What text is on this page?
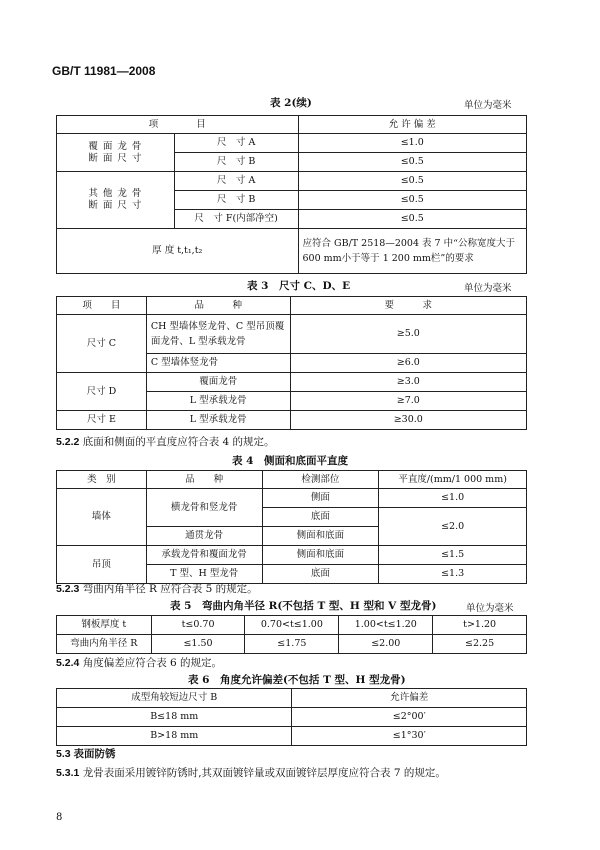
GB/T 11981—2008
表 2(续)	单位为毫米
项　　　　目		允 许 偏 差
覆 面 龙 骨
断 面 尺 寸	尺　寸 A	≤1.0
	尺　寸 B	≤0.5
其 他 龙 骨
断 面 尺 寸	尺　寸 A	≤0.5
	尺　寸 B	≤0.5
	尺　寸 F(内部净空)	≤0.5
厚 度 t,t₁,t₂		应符合 GB/T 2518—2004 表 7 中“公称宽度大于 600 mm小于等于 1 200 mm栏”的要求
表 3　尺寸 C、D、E	单位为毫米
项　　目	品　　　种	要　　　求
尺寸 C	CH 型墙体竖龙骨、C 型吊顶覆面龙骨、L 型承载龙骨	≥5.0
	C 型墙体竖龙骨	≥6.0
尺寸 D	覆面龙骨	≥3.0
	L 型承载龙骨	≥7.0
尺寸 E	L 型承载龙骨	≥30.0
5.2.2 底面和侧面的平直度应符合表 4 的规定。
表 4　侧面和底面平直度
类　别	品　　种	检测部位	平直度/(mm/1 000 mm)
墙体	横龙骨和竖龙骨	侧面	≤1.0
		底面	≤2.0
	通贯龙骨	侧面和底面	
吊顶	承载龙骨和覆面龙骨	侧面和底面	≤1.5
	T 型、H 型龙骨	底面	≤1.3
5.2.3 弯曲内角半径 R 应符合表 5 的规定。
表 5　弯曲内角半径 R(不包括 T 型、H 型和 V 型龙骨)	单位为毫米
钢板厚度 t	t≤0.70	0.70<t≤1.00	1.00<t≤1.20	t>1.20
弯曲内角半径 R	≤1.50	≤1.75	≤2.00	≤2.25
5.2.4 角度偏差应符合表 6 的规定。
表 6　角度允许偏差(不包括 T 型、H 型龙骨)
成型角较短边尺寸 B	允许偏差
B≤18 mm	≤2°00′
B>18 mm	≤1°30′
5.3 表面防锈
5.3.1 龙骨表面采用镀锌防锈时,其双面镀锌量或双面镀锌层厚度应符合表 7 的规定。
8
